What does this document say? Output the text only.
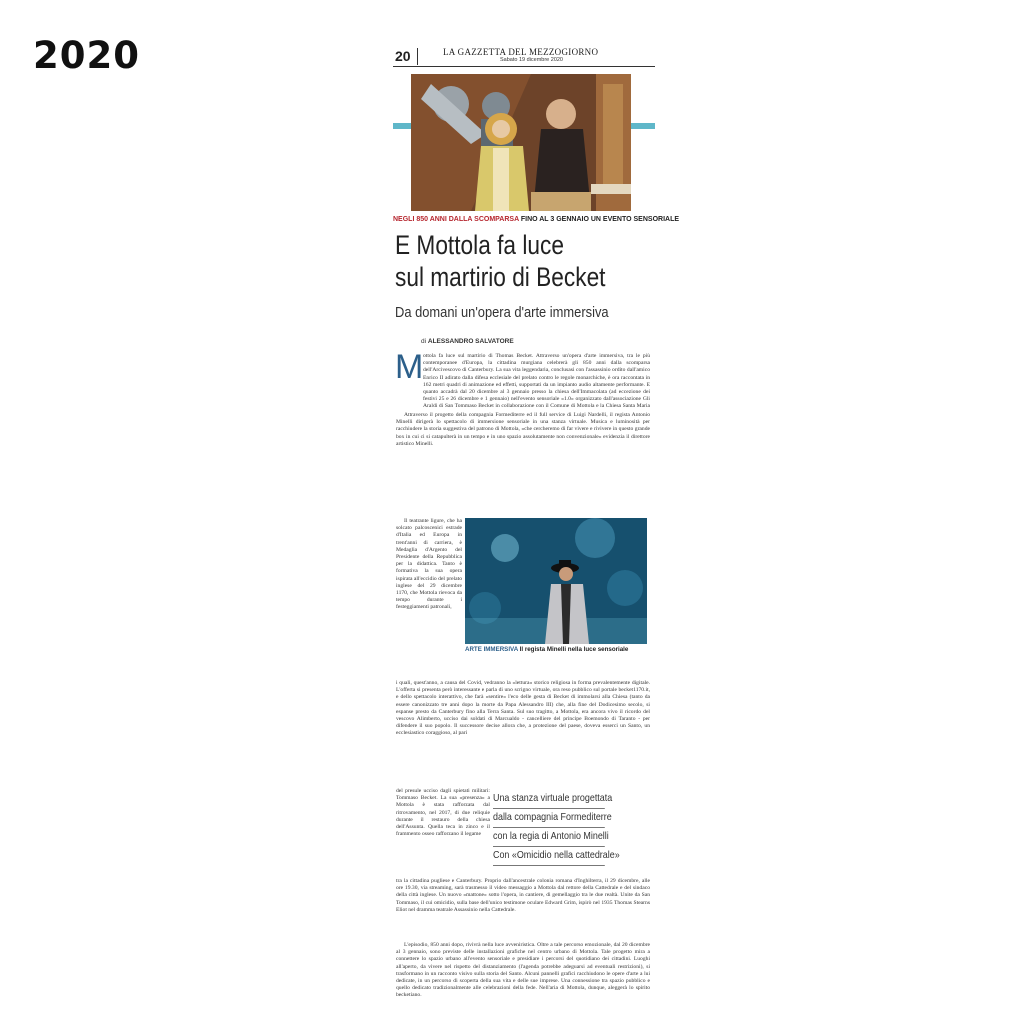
2020	20	LA GAZZETTA DEL MEZZOGIORNO
Sabato 19 dicembre 2020
NEGLI 850 ANNI DALLA SCOMPARSA FINO AL 3 GENNAIO UN EVENTO SENSORIALE
E Mottola fa luce
sul martirio di Becket
Da domani un'opera d'arte immersiva
di ALESSANDRO SALVATORE
M ottola fa luce sul martirio di Thomas Becket. Attraverso un'opera d'arte immersiva, tra le più contemporanee d'Europa, la cittadina murgiana celebrerà gli 850 anni dalla scomparsa dell'Arcivescovo di Canterbury. La sua vita leggendaria, conclusasi con l'assassinio ordito dall'amico Enrico II adirato dalla difesa ecclesiale del prelato contro le regole monarchiche, è ora raccontata in 162 metri quadri di animazione ed effetti, supportati da un impianto audio altamente performante. E quanto accadrà dal 20 dicembre al 3 gennaio presso la chiesa dell'Immacolata (ad eccezione dei festivi 25 e 26 dicembre e 1 gennaio) nell'evento sensoriale «1.0» organizzato dall'associazione Gli Araldi di San Tommaso Becket in collaborazione con il Comune di Mottola e la Chiesa Santa Maria
Attraverso il progetto della compagnia Formediterre ed il full service di Luigi Nardelli, il regista Antonio Minelli dirigerà lo spettacolo di immersione sensoriale in una stanza virtuale. Musica e luminosità per racchiudere la storia suggestiva del patrono di Mottola, «che cercheremo di far vivere e rivivere in questo grande box in cui ci si catapulterà in un tempo e in uno spazio assolutamente non convenzionale» evidenzia il direttore artistico Minelli.
Il teatrante ligure, che ha solcato palcoscenici estrade d'Italia ed Europa in trent'anni di carriera, è Medaglia d'Argento del Presidente della Repubblica per la didattica. Tanto è formativa la sua opera ispirata all'eccidio del prelato inglese del 29 dicembre 1170, che Mottola rievoca da tempo durante i festeggiamenti patronali,
ARTE IMMERSIVA Il regista Minelli nella luce sensoriale
i quali, quest'anno, a causa del Covid, vedranno la «lettura» storico religiosa in forma prevalentemente digitale. L'offerta si presenta però interessante e parla di uno scrigno virtuale, ora reso pubblico sul portale becket1170.it, e dello spettacolo interattivo, che farà «sentire» l'eco delle gesta di Becket di immolarsi alla Chiesa (tanto da essere canonizzato tre anni dopo la morte da Papa Alessandro III) che, alla fine del Dodicesimo secolo, si espanse presto da Canterbury fino alla Terra Santa. Sul suo tragitto, a Mottola, era ancora vivo il ricordo del vescovo Alimberto, ucciso dai soldati di Marcualdo - cancelliere del principe Boemondo di Taranto - per difendere il suo popolo. Il successore decise allora che, a protezione del paese, doveva esserci un Santo, un ecclesiastico coraggioso, al pari
del presule ucciso dagli spietati militari: Tommaso Becket. La sua «presenza» a Mottola è stata rafforzata dal ritrovamento, nel 2017, di due reliquie durante il restauro della chiesa dell'Assunta. Quella teca in zinco e il frammento osseo rafforzano il legame
Una stanza virtuale progettata
dalla compagnia Formediterre
con la regia di Antonio Minelli
Con «Omicidio nella cattedrale»
tra la cittadina pugliese e Canterbury. Proprio dall'ancestrale colonia romana d'Inghilterra, il 29 dicembre, alle ore 19.30, via streaming, sarà trasmesso il video messaggio a Mottola dal rettore della Cattedrale e del sindaco della città inglese. Un nuovo «mattone» sotto l'opera, in cantiere, di gemellaggio tra le due realtà. Unite da San Tommaso, il cui omicidio, sulla base dell'unico testimone oculare Edward Grim, ispirò nel 1935 Thomas Stearns Eliot nel dramma teatrale Assassinio nella Cattedrale.
L'episodio, 850 anni dopo, rivivrà nella luce avveniristica. Oltre a tale percorso emozionale, dal 20 dicembre al 3 gennaio, sono previste delle installazioni grafiche nel centro urbano di Mottola. Tale progetto mira a connettere lo spazio urbano all'evento sensoriale e presidiare i percorsi del quotidiano dei cittadini. Luoghi all'aperto, da vivere nel rispetto del distanziamento (l'agenda potrebbe adeguarsi ad eventuali restrizioni), si trasformano in un racconto visivo sulla storia del Santo. Alcuni pannelli grafici racchiudono le opere d'arte a lui dedicate, in un percorso di scoperta della sua vita e delle sue imprese. Una connessione tra spazio pubblico e quello dedicato tradizionalmente alle celebrazioni della fede. Nell'aria di Mottola, dunque, aleggerà lo spirito becketiano.
